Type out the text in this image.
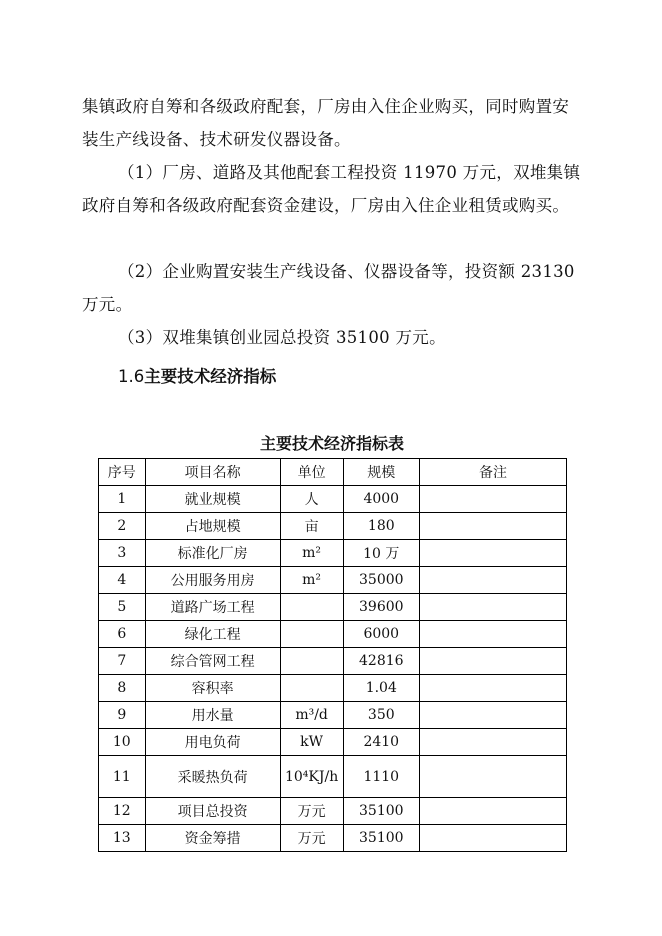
集镇政府自筹和各级政府配套，厂房由入住企业购买，同时购置安装生产线设备、技术研发仪器设备。
（1）厂房、道路及其他配套工程投资 11970 万元，双堆集镇政府自筹和各级政府配套资金建设，厂房由入住企业租赁或购买。
（2）企业购置安装生产线设备、仪器设备等，投资额 23130 万元。
（3）双堆集镇创业园总投资 35100 万元。
1.6主要技术经济指标
主要技术经济指标表
序号	项目名称	单位	规模	备注
1	就业规模	人	4000	
2	占地规模	亩	180	
3	标准化厂房	m²	10 万	
4	公用服务用房	m²	35000	
5	道路广场工程		39600	
6	绿化工程		6000	
7	综合管网工程		42816	
8	容积率		1.04	
9	用水量	m³/d	350	
10	用电负荷	kW	2410	
11	采暖热负荷	10⁴KJ/h	1110	
12	项目总投资	万元	35100	
13	资金筹措	万元	35100	
